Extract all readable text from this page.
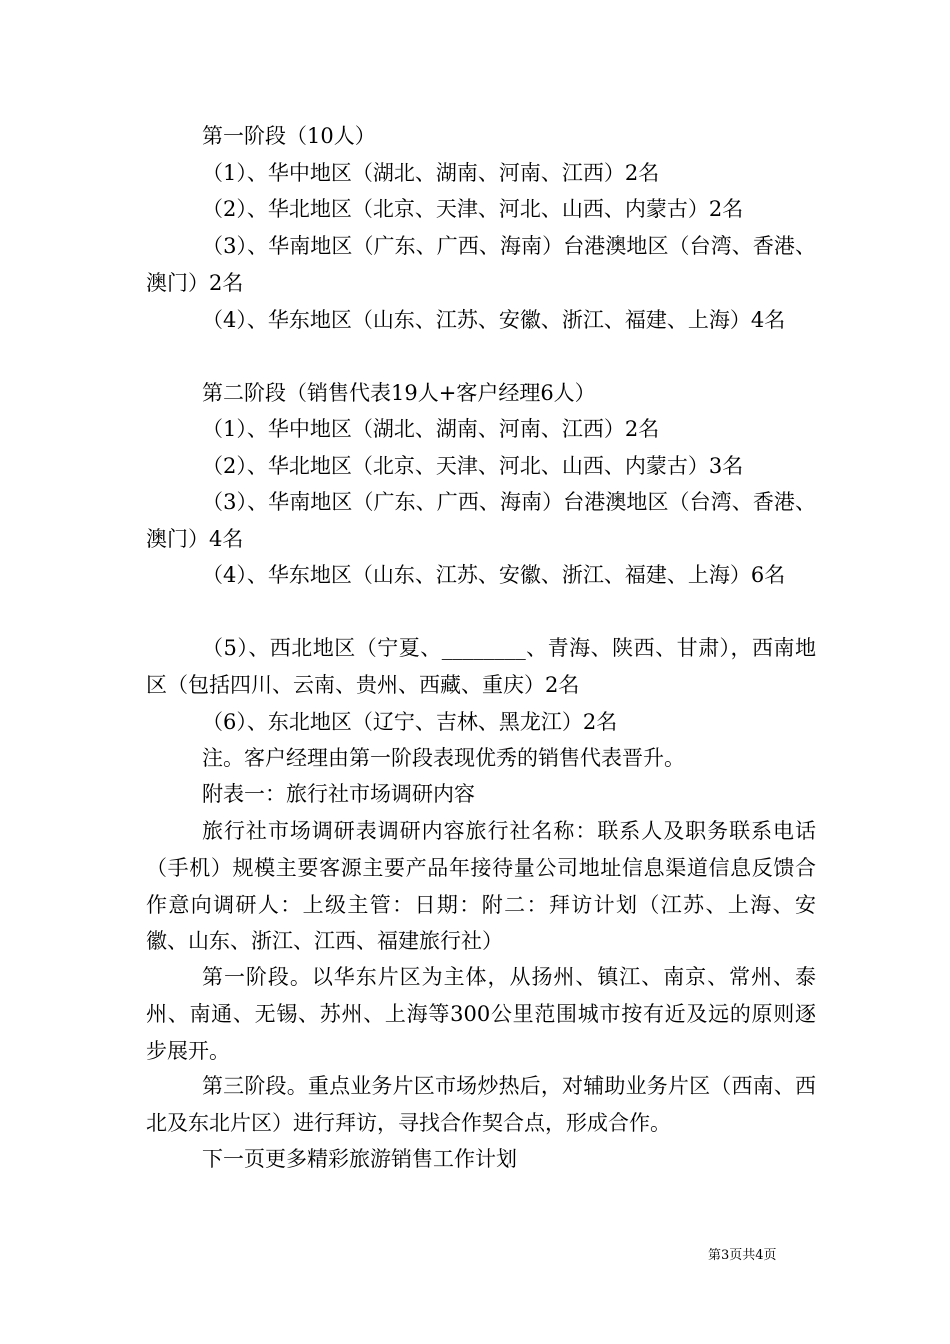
第一阶段（10人）

（1）、华中地区（湖北、湖南、河南、江西）2名

（2）、华北地区（北京、天津、河北、山西、内蒙古）2名

（3）、华南地区（广东、广西、海南）台港澳地区（台湾、香港、澳门）2名

（4）、华东地区（山东、江苏、安徽、浙江、福建、上海）4名

第二阶段（销售代表19人+客户经理6人）

（1）、华中地区（湖北、湖南、河南、江西）2名

（2）、华北地区（北京、天津、河北、山西、内蒙古）3名

（3）、华南地区（广东、广西、海南）台港澳地区（台湾、香港、澳门）4名

（4）、华东地区（山东、江苏、安徽、浙江、福建、上海）6名

（5）、西北地区（宁夏、________、青海、陕西、甘肃），西南地区（包括四川、云南、贵州、西藏、重庆）2名

（6）、东北地区（辽宁、吉林、黑龙江）2名

注。客户经理由第一阶段表现优秀的销售代表晋升。

附表一：旅行社市场调研内容

旅行社市场调研表调研内容旅行社名称：联系人及职务联系电话（手机）规模主要客源主要产品年接待量公司地址信息渠道信息反馈合作意向调研人：上级主管：日期：附二：拜访计划（江苏、上海、安徽、山东、浙江、江西、福建旅行社）

第一阶段。以华东片区为主体，从扬州、镇江、南京、常州、泰州、南通、无锡、苏州、上海等300公里范围城市按有近及远的原则逐步展开。

第三阶段。重点业务片区市场炒热后，对辅助业务片区（西南、西北及东北片区）进行拜访，寻找合作契合点，形成合作。

下一页更多精彩旅游销售工作计划

第3页共4页
